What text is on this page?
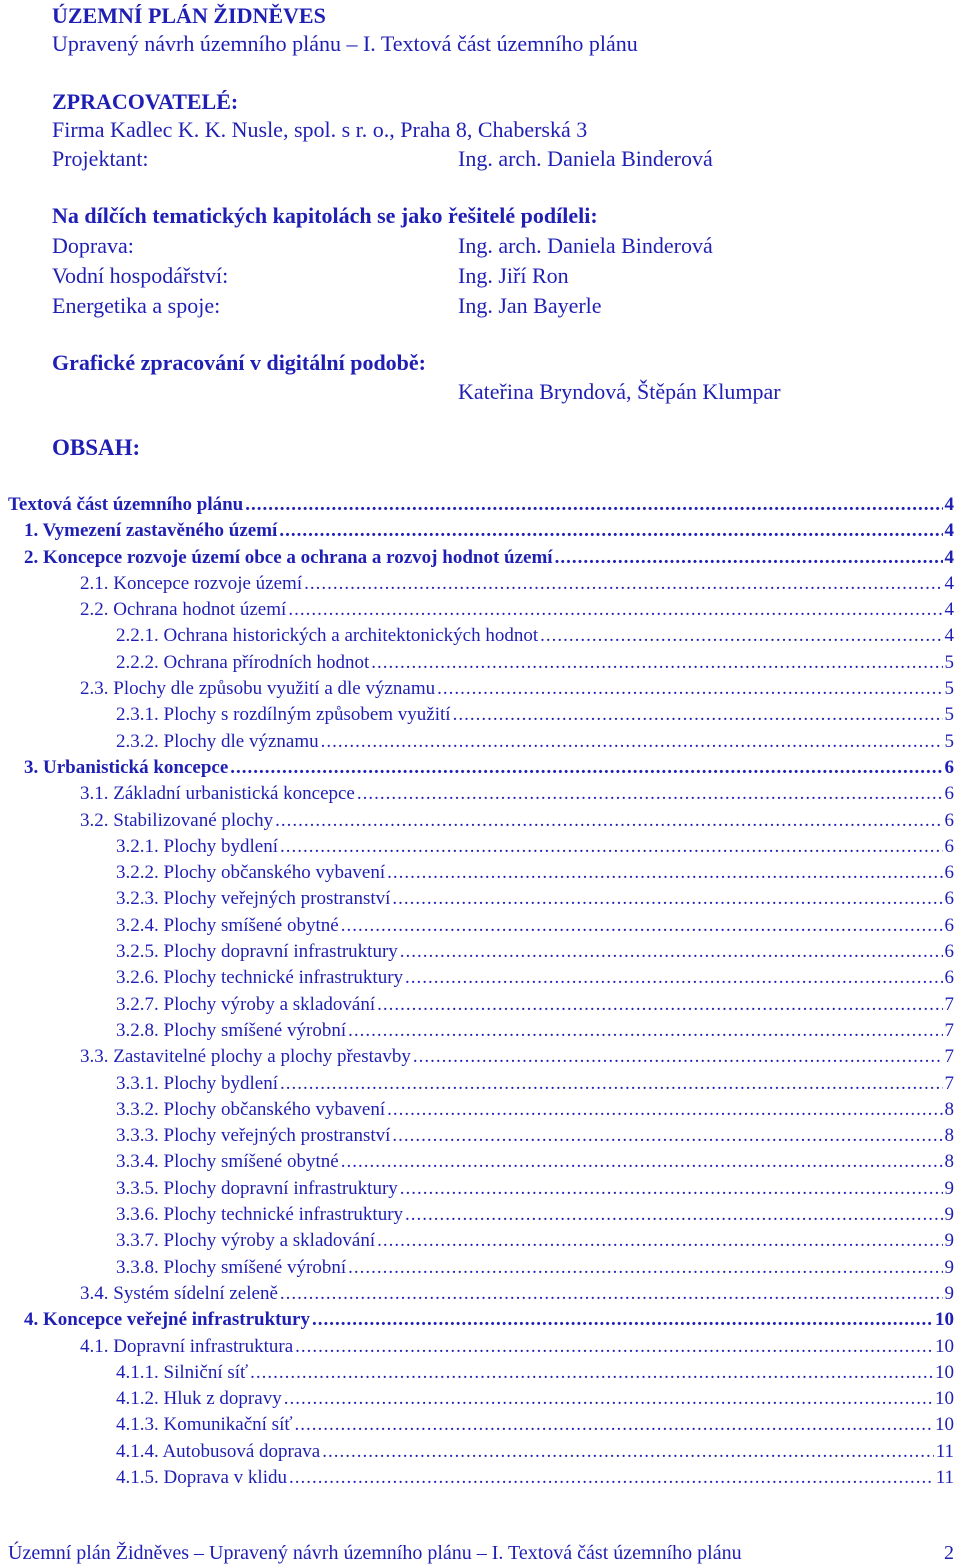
ÚZEMNÍ PLÁN ŽIDNĚVES
Upravený návrh územního plánu – I. Textová část územního plánu
ZPRACOVATELÉ:
Firma Kadlec K. K. Nusle, spol. s r. o., Praha 8, Chaberská 3
Projektant:	Ing. arch. Daniela Binderová
Na dílčích tematických kapitolách se jako řešitelé podíleli:
Doprava:	Ing. arch. Daniela Binderová
Vodní hospodářství:	Ing. Jiří Ron
Energetika a spoje:	Ing. Jan Bayerle
Grafické zpracování v digitální podobě:
Kateřina Bryndová, Štěpán Klumpar
OBSAH:
Textová část územního plánu .....	4
1. Vymezení zastavěného území .....	4
2. Koncepce rozvoje území obce a ochrana a rozvoj hodnot území .....	4
2.1. Koncepce rozvoje území .....	4
2.2. Ochrana hodnot území .....	4
2.2.1. Ochrana historických a architektonických hodnot .....	4
2.2.2. Ochrana přírodních hodnot .....	5
2.3. Plochy dle způsobu využití a dle významu .....	5
2.3.1. Plochy s rozdílným způsobem využití .....	5
2.3.2. Plochy dle významu .....	5
3. Urbanistická koncepce .....	6
3.1. Základní urbanistická koncepce .....	6
3.2. Stabilizované plochy .....	6
3.2.1. Plochy bydlení .....	6
3.2.2. Plochy občanského vybavení .....	6
3.2.3. Plochy veřejných prostranství .....	6
3.2.4. Plochy smíšené obytné .....	6
3.2.5. Plochy dopravní infrastruktury .....	6
3.2.6. Plochy technické infrastruktury .....	6
3.2.7. Plochy výroby a skladování .....	7
3.2.8. Plochy smíšené výrobní .....	7
3.3. Zastavitelné plochy a plochy přestavby .....	7
3.3.1. Plochy bydlení .....	7
3.3.2. Plochy občanského vybavení .....	8
3.3.3. Plochy veřejných prostranství .....	8
3.3.4. Plochy smíšené obytné .....	8
3.3.5. Plochy dopravní infrastruktury .....	9
3.3.6. Plochy technické infrastruktury .....	9
3.3.7. Plochy výroby a skladování .....	9
3.3.8. Plochy smíšené výrobní .....	9
3.4. Systém sídelní zeleně .....	9
4. Koncepce veřejné infrastruktury .....	10
4.1. Dopravní infrastruktura .....	10
4.1.1. Silniční síť .....	10
4.1.2. Hluk z dopravy .....	10
4.1.3. Komunikační síť .....	10
4.1.4. Autobusová doprava .....	11
4.1.5. Doprava v klidu .....	11
Územní plán Židněves – Upravený návrh územního plánu – I. Textová část územního plánu	2
